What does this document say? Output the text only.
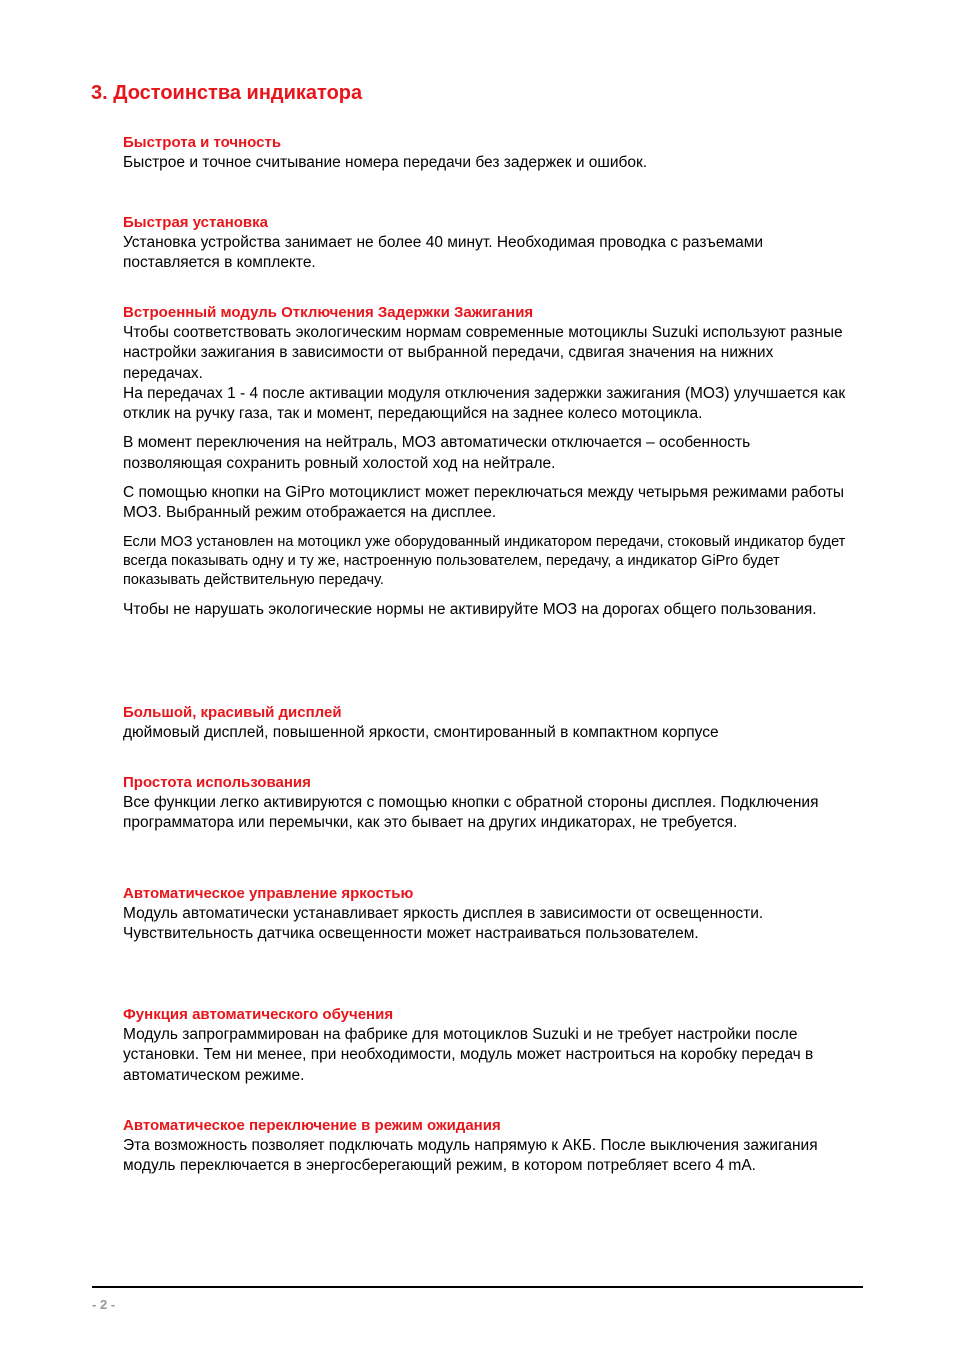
3. Достоинства индикатора

Быстрота и точность

Быстрое и точное считывание номера передачи без задержек и ошибок.

Быстрая установка

Установка устройства занимает не более 40 минут. Необходимая проводка с разъемами поставляется в комплекте.

Встроенный модуль Отключения Задержки Зажигания

Чтобы соответствовать экологическим нормам современные мотоциклы Suzuki используют разные настройки зажигания в зависимости от выбранной передачи, сдвигая значения на нижних передачах.

На передачах 1 - 4 после активации модуля отключения задержки зажигания (МОЗ) улучшается как отклик на ручку газа, так и момент, передающийся на заднее колесо мотоцикла.

В момент переключения на нейтраль, МОЗ автоматически отключается – особенность позволяющая сохранить ровный холостой ход на нейтрале.

С помощью кнопки на GiPro мотоциклист может переключаться между четырьмя режимами работы МОЗ. Выбранный режим отображается на дисплее.

Если МОЗ установлен на мотоцикл уже оборудованный индикатором передачи, стоковый индикатор будет всегда показывать одну и ту же, настроенную пользователем, передачу, а индикатор GiPro будет показывать действительную передачу.

Чтобы не нарушать экологические нормы не активируйте МОЗ на дорогах общего пользования.

Большой, красивый дисплей

дюймовый дисплей, повышенной яркости, смонтированный в компактном корпусе

Простота использования

Все функции легко активируются с помощью кнопки с обратной стороны дисплея. Подключения программатора или перемычки, как это бывает на других индикаторах, не требуется.

Автоматическое управление яркостью

Модуль автоматически устанавливает яркость дисплея в зависимости от освещенности. Чувствительность датчика освещенности может настраиваться пользователем.

Функция автоматического обучения

Модуль запрограммирован на фабрике для мотоциклов Suzuki и не требует настройки после установки. Тем ни менее, при необходимости, модуль может настроиться на коробку передач в автоматическом режиме.

Автоматическое переключение в режим ожидания

Эта возможность позволяет подключать модуль напрямую к АКБ. После выключения зажигания модуль переключается в энергосберегающий режим, в котором потребляет всего 4 mA.

- 2 -
